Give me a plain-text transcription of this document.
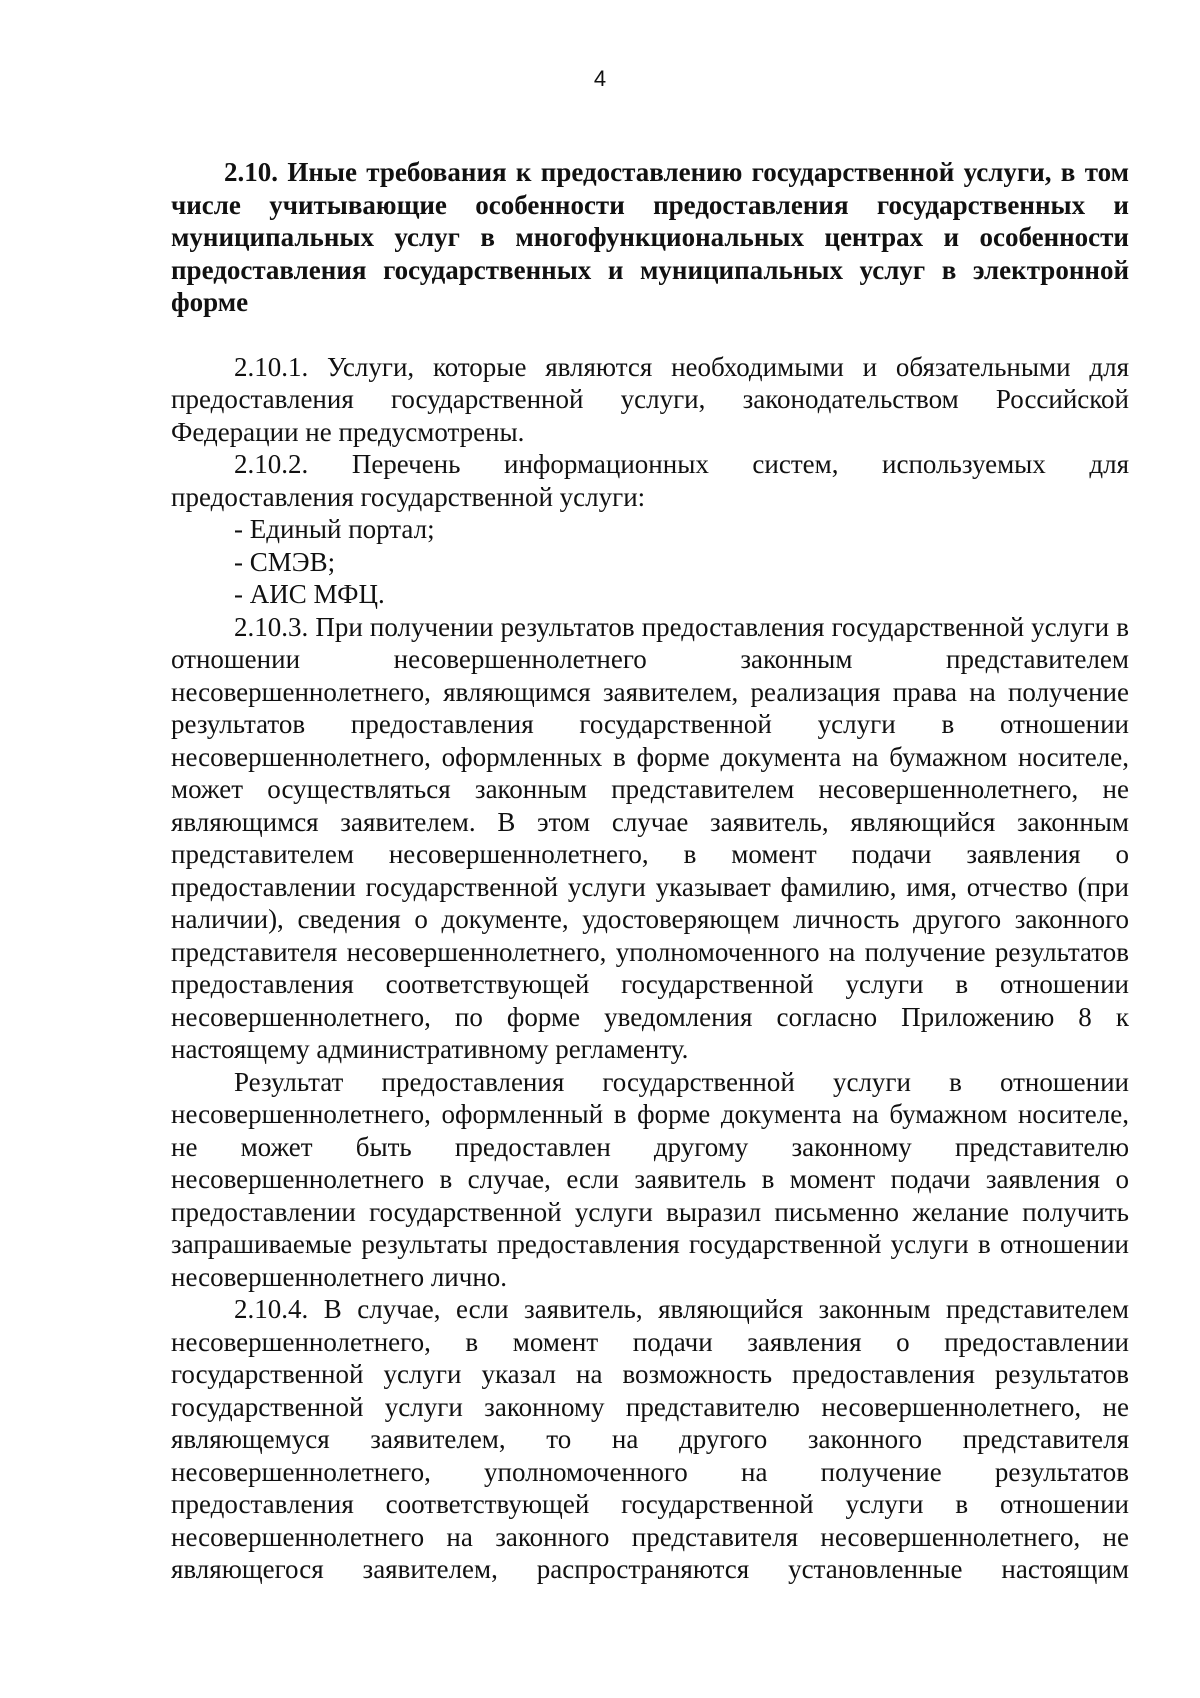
4

2.10. Иные требования к предоставлению государственной услуги, в том числе учитывающие особенности предоставления государственных и муниципальных услуг в многофункциональных центрах и особенности предоставления государственных и муниципальных услуг в электронной форме

2.10.1. Услуги, которые являются необходимыми и обязательными для предоставления государственной услуги, законодательством Российской Федерации не предусмотрены.

2.10.2. Перечень информационных систем, используемых для предоставления государственной услуги:

- Единый портал;

- СМЭВ;

- АИС МФЦ.

2.10.3. При получении результатов предоставления государственной услуги в отношении несовершеннолетнего законным представителем несовершеннолетнего, являющимся заявителем, реализация права на получение результатов предоставления государственной услуги в отношении несовершеннолетнего, оформленных в форме документа на бумажном носителе, может осуществляться законным представителем несовершеннолетнего, не являющимся заявителем. В этом случае заявитель, являющийся законным представителем несовершеннолетнего, в момент подачи заявления о предоставлении государственной услуги указывает фамилию, имя, отчество (при наличии), сведения о документе, удостоверяющем личность другого законного представителя несовершеннолетнего, уполномоченного на получение результатов предоставления соответствующей государственной услуги в отношении несовершеннолетнего, по форме уведомления согласно Приложению 8 к настоящему административному регламенту.

Результат предоставления государственной услуги в отношении несовершеннолетнего, оформленный в форме документа на бумажном носителе, не может быть предоставлен другому законному представителю несовершеннолетнего в случае, если заявитель в момент подачи заявления о предоставлении государственной услуги выразил письменно желание получить запрашиваемые результаты предоставления государственной услуги в отношении несовершеннолетнего лично.

2.10.4. В случае, если заявитель, являющийся законным представителем несовершеннолетнего, в момент подачи заявления о предоставлении государственной услуги указал на возможность предоставления результатов государственной услуги законному представителю несовершеннолетнего, не являющемуся заявителем, то на другого законного представителя несовершеннолетнего, уполномоченного на получение результатов предоставления соответствующей государственной услуги в отношении несовершеннолетнего на законного представителя несовершеннолетнего, не являющегося заявителем, распространяются установленные настоящим
